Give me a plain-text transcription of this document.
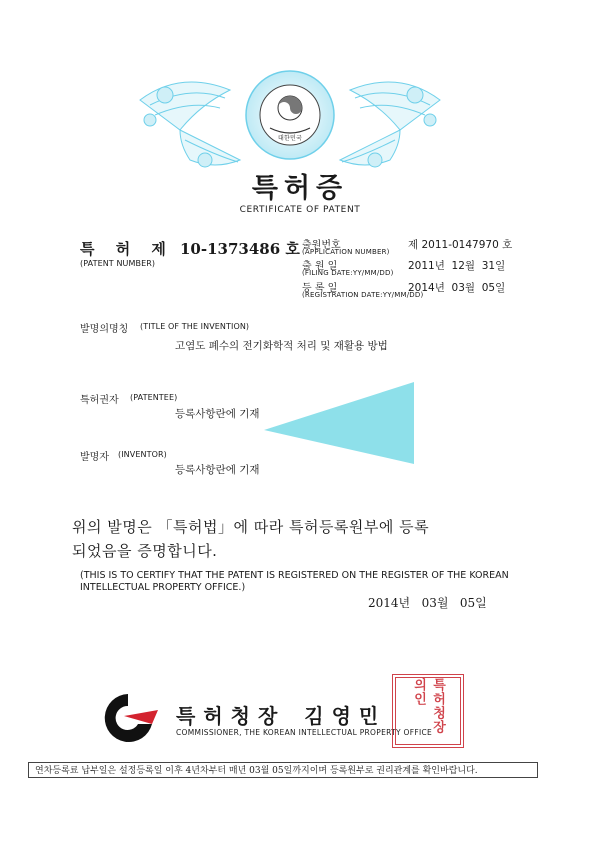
대한민국
특허증
CERTIFICATE OF PATENT
특 허 제 10-1373486 호
(PATENT NUMBER)
출원번호
(APPLICATION NUMBER)
제 2011-0147970 호
출 원 일
(FILING DATE:YY/MM/DD)
2011년  12월  31일
등 록 일
(REGISTRATION DATE:YY/MM/DD)
2014년  03월  05일
발명의명칭 (TITLE OF THE INVENTION)
고염도 폐수의 전기화학적 처리 및 재활용 방법
특허권자 (PATENTEE)
등록사항란에 기재
발명자 (INVENTOR)
등록사항란에 기재
위의 발명은 「특허법」에 따라 특허등록원부에 등록
되었음을 증명합니다.
(THIS IS TO CERTIFY THAT THE PATENT IS REGISTERED ON THE REGISTER OF THE KOREAN
INTELLECTUAL PROPERTY OFFICE.)
2014년   03월   05일
특허청장 김영민
COMMISSIONER, THE KOREAN INTELLECTUAL PROPERTY OFFICE
특허청장의인
연차등록료 납부일은 설정등록일 이후 4년차부터 매년 03월 05일까지이며 등록원부로 권리관계를 확인바랍니다.
